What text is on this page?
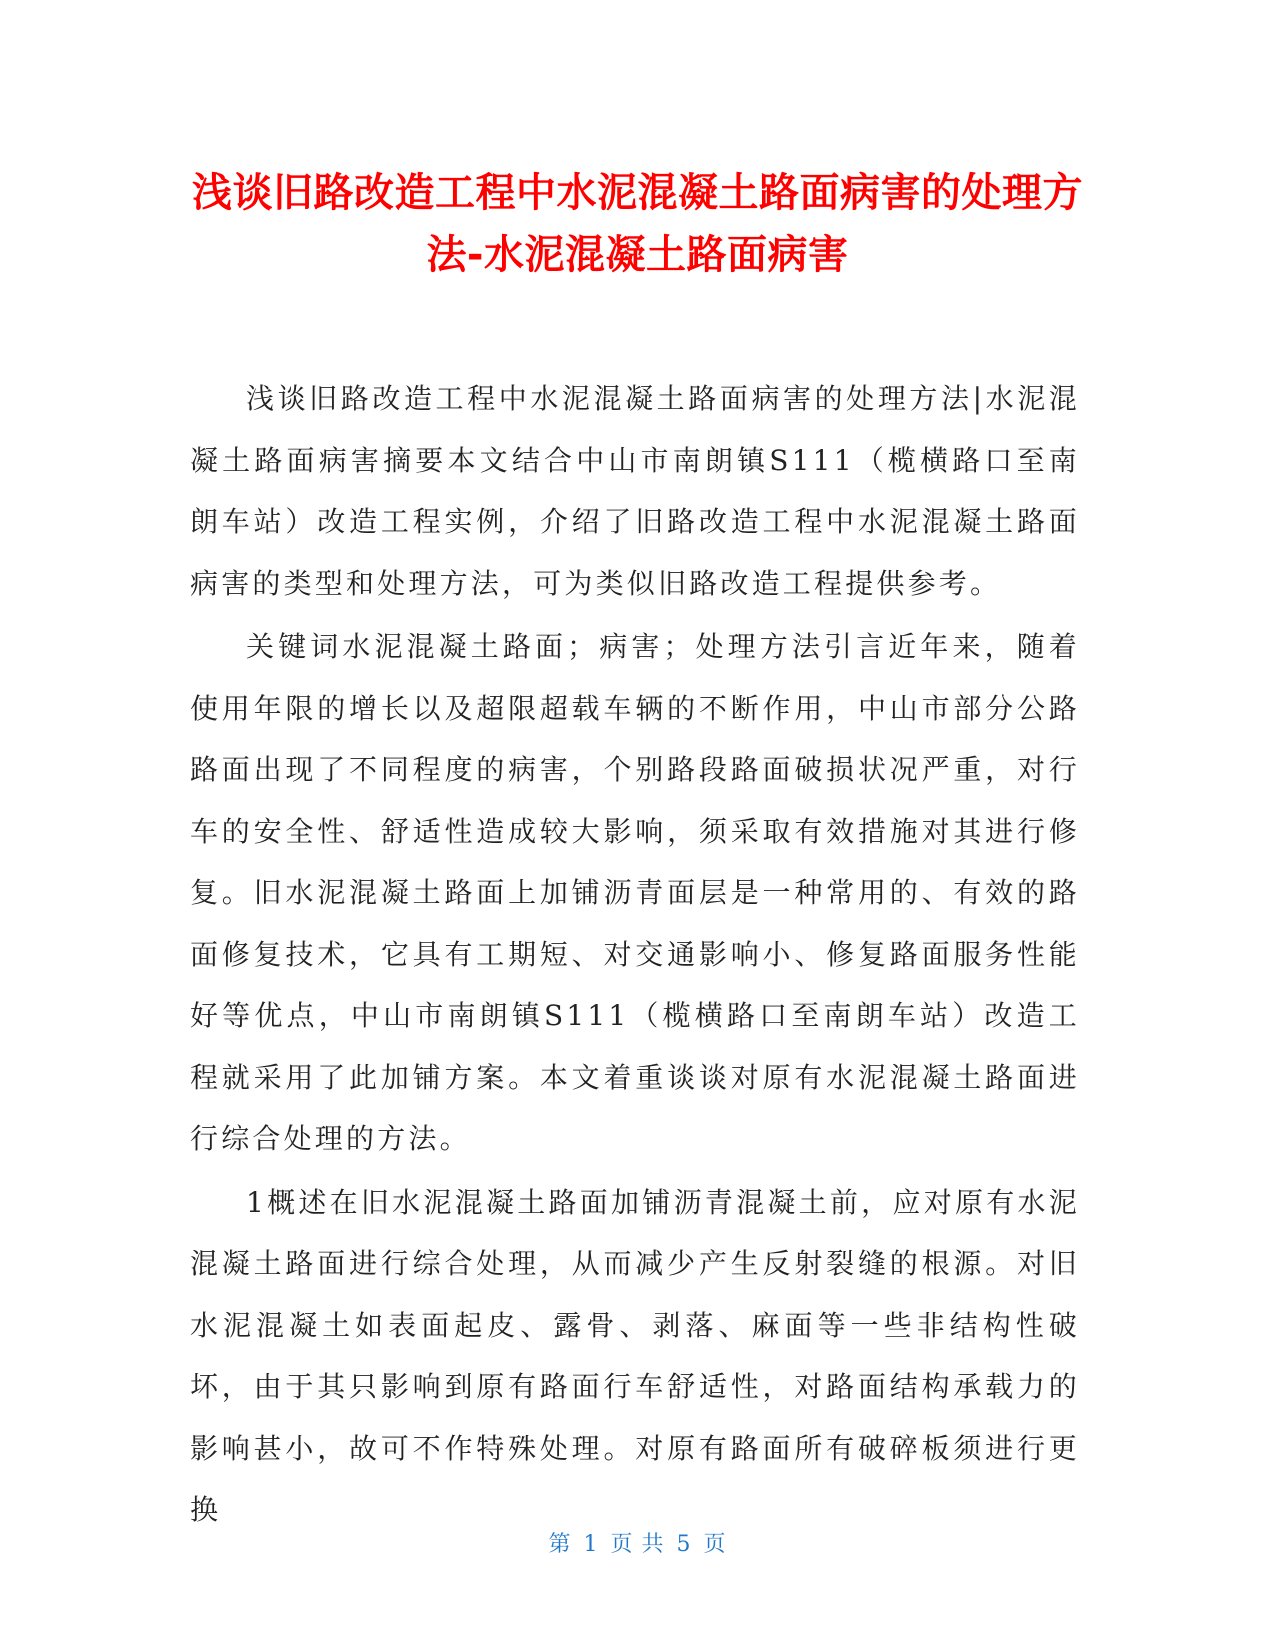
浅谈旧路改造工程中水泥混凝土路面病害的处理方法-水泥混凝土路面病害

浅谈旧路改造工程中水泥混凝土路面病害的处理方法|水泥混凝土路面病害摘要本文结合中山市南朗镇S111（榄横路口至南朗车站）改造工程实例，介绍了旧路改造工程中水泥混凝土路面病害的类型和处理方法，可为类似旧路改造工程提供参考。

关键词水泥混凝土路面；病害；处理方法引言近年来，随着使用年限的增长以及超限超载车辆的不断作用，中山市部分公路路面出现了不同程度的病害，个别路段路面破损状况严重，对行车的安全性、舒适性造成较大影响，须采取有效措施对其进行修复。旧水泥混凝土路面上加铺沥青面层是一种常用的、有效的路面修复技术，它具有工期短、对交通影响小、修复路面服务性能好等优点，中山市南朗镇S111（榄横路口至南朗车站）改造工程就采用了此加铺方案。本文着重谈谈对原有水泥混凝土路面进行综合处理的方法。

1概述在旧水泥混凝土路面加铺沥青混凝土前，应对原有水泥混凝土路面进行综合处理，从而减少产生反射裂缝的根源。对旧水泥混凝土如表面起皮、露骨、剥落、麻面等一些非结构性破坏，由于其只影响到原有路面行车舒适性，对路面结构承载力的影响甚小，故可不作特殊处理。对原有路面所有破碎板须进行更换

第 1 页 共 5 页
